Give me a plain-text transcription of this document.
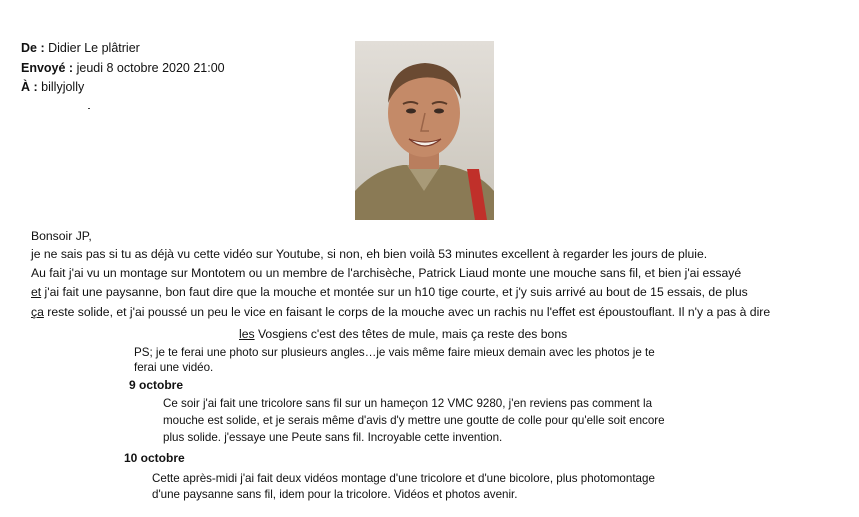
De : Didier Le plâtrier
Envoyé : jeudi 8 octobre 2020 21:00
À : billyjolly
Bonsoir JP,
je ne sais pas si tu as déjà vu cette vidéo sur Youtube, si non, eh bien voilà 53 minutes excellent à regarder les jours de pluie.
Au fait j'ai vu un montage sur Montotem ou un membre de l'archisèche, Patrick Liaud monte une mouche sans fil, et bien j'ai essayé
et j'ai fait une paysanne, bon faut dire que la mouche et montée sur un h10 tige courte, et j'y suis arrivé au bout de 15 essais, de plus
ça reste solide, et j'ai poussé un peu le vice en faisant le corps de la mouche avec un rachis nu l'effet est époustouflant. Il n'y a pas à dire
les Vosgiens c'est des têtes de mule, mais ça reste des bons
PS; je te ferai une photo sur plusieurs angles…je vais même faire mieux demain avec les photos je te
ferai une vidéo.
9 octobre
Ce soir j'ai fait une tricolore sans fil sur un hameçon 12 VMC 9280, j'en reviens pas comment la
mouche est solide, et je serais même d'avis d'y mettre une goutte de colle pour qu'elle soit encore
plus solide. j'essaye une Peute sans fil. Incroyable cette invention.
10 octobre
Cette après-midi j'ai fait deux vidéos montage d'une tricolore et d'une bicolore, plus photomontage
d'une paysanne sans fil, idem pour la tricolore. Vidéos et photos avenir.
